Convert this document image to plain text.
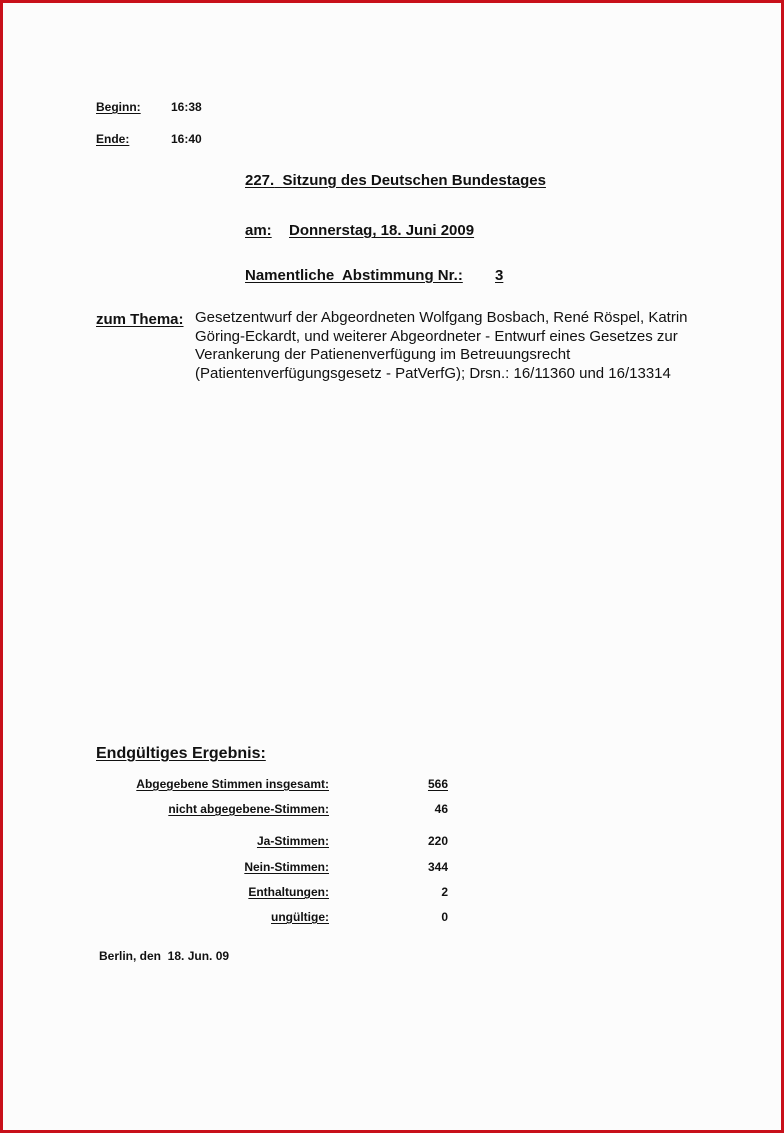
Beginn:	16:38
Ende:	16:40
227. Sitzung des Deutschen Bundestages
am: Donnerstag, 18. Juni 2009
Namentliche  Abstimmung Nr.: 3
zum Thema: Gesetzentwurf der Abgeordneten Wolfgang Bosbach, René Röspel, Katrin
Göring-Eckardt, und weiterer Abgeordneter - Entwurf eines Gesetzes zur
Verankerung der Patienenverfügung im Betreuungsrecht
(Patientenverfügungsgesetz - PatVerfG); Drsn.: 16/11360 und 16/13314
Endgültiges Ergebnis:
Abgegebene Stimmen insgesamt:	566
nicht abgegebene-Stimmen:	46
Ja-Stimmen:	220
Nein-Stimmen:	344
Enthaltungen:	2
ungültige:	0
Berlin, den  18. Jun. 09
